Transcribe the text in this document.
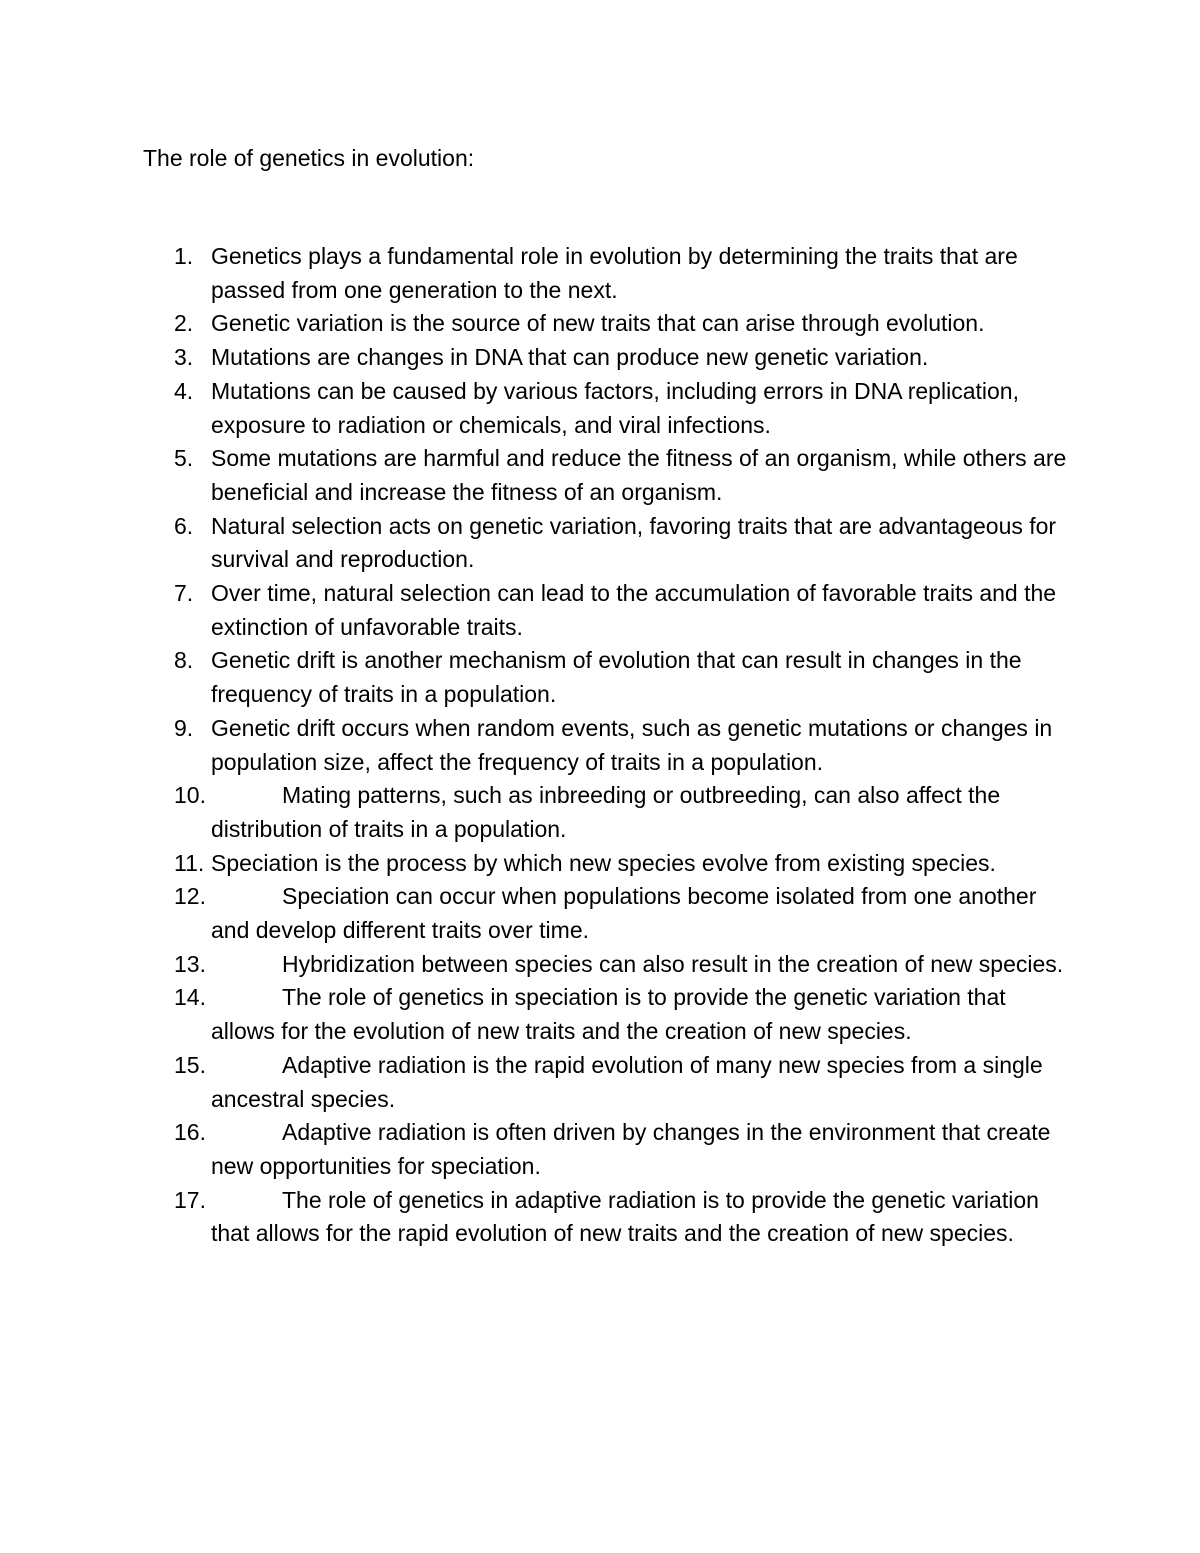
The role of genetics in evolution:
1. Genetics plays a fundamental role in evolution by determining the traits that are passed from one generation to the next.
2. Genetic variation is the source of new traits that can arise through evolution.
3. Mutations are changes in DNA that can produce new genetic variation.
4. Mutations can be caused by various factors, including errors in DNA replication, exposure to radiation or chemicals, and viral infections.
5. Some mutations are harmful and reduce the fitness of an organism, while others are beneficial and increase the fitness of an organism.
6. Natural selection acts on genetic variation, favoring traits that are advantageous for survival and reproduction.
7. Over time, natural selection can lead to the accumulation of favorable traits and the extinction of unfavorable traits.
8. Genetic drift is another mechanism of evolution that can result in changes in the frequency of traits in a population.
9. Genetic drift occurs when random events, such as genetic mutations or changes in population size, affect the frequency of traits in a population.
10.	Mating patterns, such as inbreeding or outbreeding, can also affect the distribution of traits in a population.
11. Speciation is the process by which new species evolve from existing species.
12.	Speciation can occur when populations become isolated from one another and develop different traits over time.
13.	Hybridization between species can also result in the creation of new species.
14.	The role of genetics in speciation is to provide the genetic variation that allows for the evolution of new traits and the creation of new species.
15.	Adaptive radiation is the rapid evolution of many new species from a single ancestral species.
16.	Adaptive radiation is often driven by changes in the environment that create new opportunities for speciation.
17.	The role of genetics in adaptive radiation is to provide the genetic variation that allows for the rapid evolution of new traits and the creation of new species.
